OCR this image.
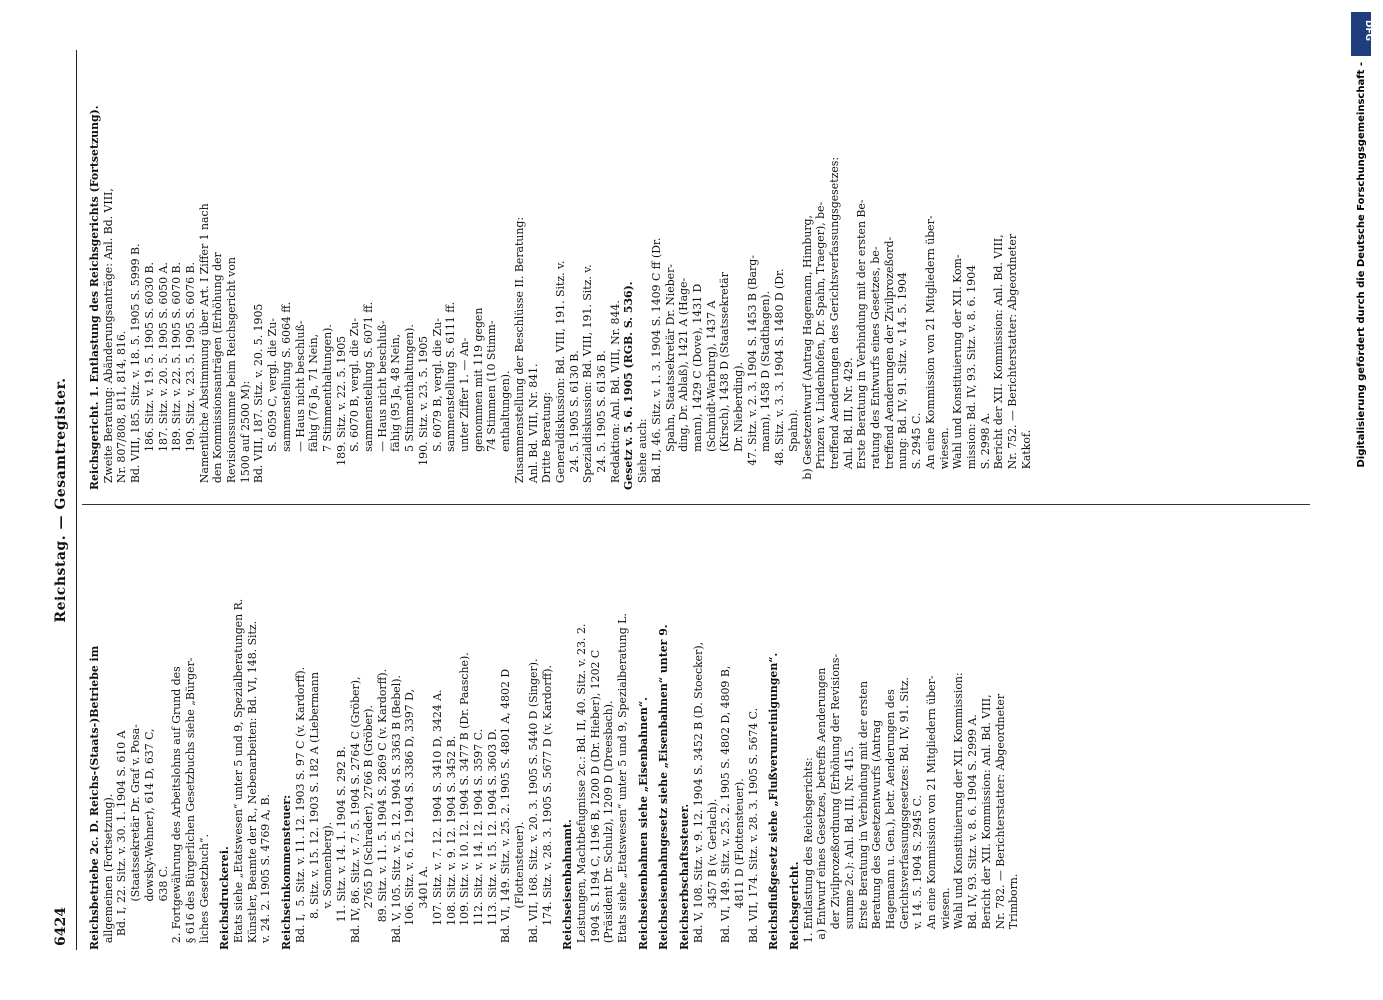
6424
Reichstag. — Gesamtregister.
Reichsbetriebe 2c. D. Reichs-(Staats-)Betriebe im allgemeinen (Fortsetzung). Bd. I, 22. Sitz. v. 30. 1. 1904 S. 610 A (Staatssekretär Dr. Graf v. Posa- dowsky-Wehner), 614 D, 637 C, 638 C. 2. Fortgewährung des Arbeitslohns auf Grund des § 616 des Bürgerlichen Gesetzbuchs siehe „Bürger- liches Gesetzbuch“. Reichsdruckerei. Etats siehe „Etatswesen“ unter 5 und 9, Spezialberatungen R. Künstler, Beamte der R., Nebenarbeiten: Bd. VI, 148. Sitz. v. 24. 2. 1905 S. 4769 A, B. Reichseinkommensteuer: Bd. I,  5. Sitz. v. 11. 12. 1903 S. 97 C (v. Kardorff). 8. Sitz. v. 15. 12. 1903 S. 182 A (Liebermann v. Sonnenberg). 11. Sitz. v. 14. 1. 1904 S. 292 B. Bd. IV, 86. Sitz. v. 7. 5. 1904 S. 2764 C (Gröber), 2765 D (Schrader), 2766 B (Gröber). 89. Sitz. v. 11. 5. 1904 S. 2869 C (v. Kardorff). Bd. V, 105. Sitz. v. 5. 12. 1904 S. 3363 B (Bebel). 106. Sitz. v. 6. 12. 1904 S. 3386 D, 3397 D, 3401 A. 107. Sitz. v. 7. 12. 1904 S. 3410 D, 3424 A. 108. Sitz. v. 9. 12. 1904 S. 3452 B. 109. Sitz. v. 10. 12. 1904 S. 3477 B (Dr. Paasche). 112. Sitz. v. 14. 12. 1904 S. 3597 C. 113. Sitz. v. 15. 12. 1904 S. 3603 D. Bd. VI, 149. Sitz. v. 25. 2. 1905 S. 4801 A, 4802 D (Flottensteuer). Bd. VII, 168. Sitz. v. 20. 3. 1905 S. 5440 D (Singer). 174. Sitz. v. 28. 3. 1905 S. 5677 D (v. Kardorff). Reichseisenbahnamt. Leistungen, Machtbefugnisse 2c.: Bd. II, 40. Sitz. v. 23. 2. 1904 S. 1194 C, 1196 B, 1200 D (Dr. Hieber), 1202 C (Präsident Dr. Schulz), 1209 D (Dreesbach). Etats siehe „Etatswesen“ unter 5 und 9, Spezialberatung L. Reichseisenbahnen siehe „Eisenbahnen“. Reichseisenbahngesetz siehe „Eisenbahnen“ unter 9. Reichserbschaftssteuer. Bd. V, 108. Sitz. v. 9. 12. 1904 S. 3452 B (D. Stoecker), 3457 B (v. Gerlach). Bd. VI, 149. Sitz. v. 25. 2. 1905 S. 4802 D, 4809 B, 4811 D (Flottensteuer). Bd. VII, 174. Sitz. v. 28. 3. 1905 S. 5674 C. Reichsflußgesetz siehe „Flußverunreinigungen“. Reichsgericht. 1. Entlastung des Reichsgerichts: a) Entwurf eines Gesetzes, betreffs Aenderungen der Zivilprozeßordnung (Erhöhung der Revisions- summe 2c.): Anl. Bd. III, Nr. 415. Erste Beratung in Verbindung mit der ersten Beratung des Gesetzentwurfs (Antrag Hagemann u. Gen.), betr. Aenderungen des Gerichtsverfassungsgesetzes: Bd. IV, 91. Sitz. v. 14. 5. 1904 S. 2945 C. An eine Kommission von 21 Mitgliedern über- wiesen. Wahl und Konstituierung der XII. Kommission: Bd. IV, 93. Sitz. v. 8. 6. 1904 S. 2999 A. Bericht der XII. Kommission: Anl. Bd. VIII, Nr. 782. — Berichterstatter: Abgeordneter Trimborn.
Reichsgericht. 1. Entlastung des Reichsgerichts (Fortsetzung). Zweite Beratung: Abänderungsanträge: Anl. Bd. VIII, Nr. 807/808, 811, 814, 816. Bd. VIII, 185. Sitz. v. 18. 5. 1905 S. 5999 B. 186. Sitz. v. 19. 5. 1905 S. 6030 B. 187. Sitz. v. 20. 5. 1905 S. 6050 A. 189. Sitz. v. 22. 5. 1905 S. 6070 B. 190. Sitz. v. 23. 5. 1905 S. 6076 B. Namentliche Abstimmung über Art. I Ziffer 1 nach den Kommissionsanträgen (Erhöhung der Revisionssumme beim Reichsgericht von 1500 auf 2500 M): Bd. VIII, 187. Sitz. v. 20. 5. 1905 S. 6059 C, vergl. die Zu- sammenstellung S. 6064 ff. — Haus nicht beschluß- fähig (76 Ja, 71 Nein, 7 Stimmenthaltungen). 189. Sitz. v. 22. 5. 1905 S. 6070 B, vergl. die Zu- sammenstellung S. 6071 ff. — Haus nicht beschluß- fähig (95 Ja, 48 Nein, 5 Stimmenthaltungen). 190. Sitz. v. 23. 5. 1905 S. 6079 B, vergl. die Zu- sammenstellung S. 6111 ff. unter Ziffer 1. — An- genommen mit 119 gegen 74 Stimmen (10 Stimm- enthaltungen). Zusammenstellung der Beschlüsse II. Beratung: Anl. Bd. VIII, Nr. 841. Dritte Beratung: Generaldiskussion: Bd. VIII, 191. Sitz. v. 24. 5. 1905 S. 6130 B. Spezialdiskussion: Bd. VIII, 191. Sitz. v. 24. 5. 1905 S. 6136 B. Redaktion: Anl. Bd. VIII, Nr. 844. Gesetz v. 5. 6. 1905 (RGB. S. 536). Siehe auch: Bd. II, 46. Sitz. v. 1. 3. 1904 S. 1409 C ff (Dr. Spahn, Staatssekretär Dr. Nieber- ding, Dr. Ablaß), 1421 A (Hage- mann), 1429 C (Dove), 1431 D (Schmidt-Warburg), 1437 A (Kirsch), 1438 D (Staatssekretär Dr. Nieberding). 47. Sitz. v. 2. 3. 1904 S. 1453 B (Barg- mann), 1458 D (Stadthagen). 48. Sitz. v. 3. 3. 1904 S. 1480 D (Dr. Spahn). b) Gesetzentwurf (Antrag Hagemann, Himburg, Prinzen v. Lindenhofen, Dr. Spahn, Traeger), be- treffend Aenderungen des Gerichtsverfassungsgesetzes: Anl. Bd. III, Nr. 429. Erste Beratung in Verbindung mit der ersten Be- ratung des Entwurfs eines Gesetzes, be- treffend Aenderungen der Zivilprozeßord- nung: Bd. IV, 91. Sitz. v. 14. 5. 1904 S. 2945 C. An eine Kommission von 21 Mitgliedern über- wiesen. Wahl und Konstituierung der XII. Kom- mission: Bd. IV, 93. Sitz. v. 8. 6. 1904 S. 2998 A. Bericht der XII. Kommission: Anl. Bd. VIII, Nr. 752. — Berichterstatter: Abgeordneter Katkof.	Digitalisierung gefördert durch die Deutsche Forschungsgemeinschaft -
DFG
